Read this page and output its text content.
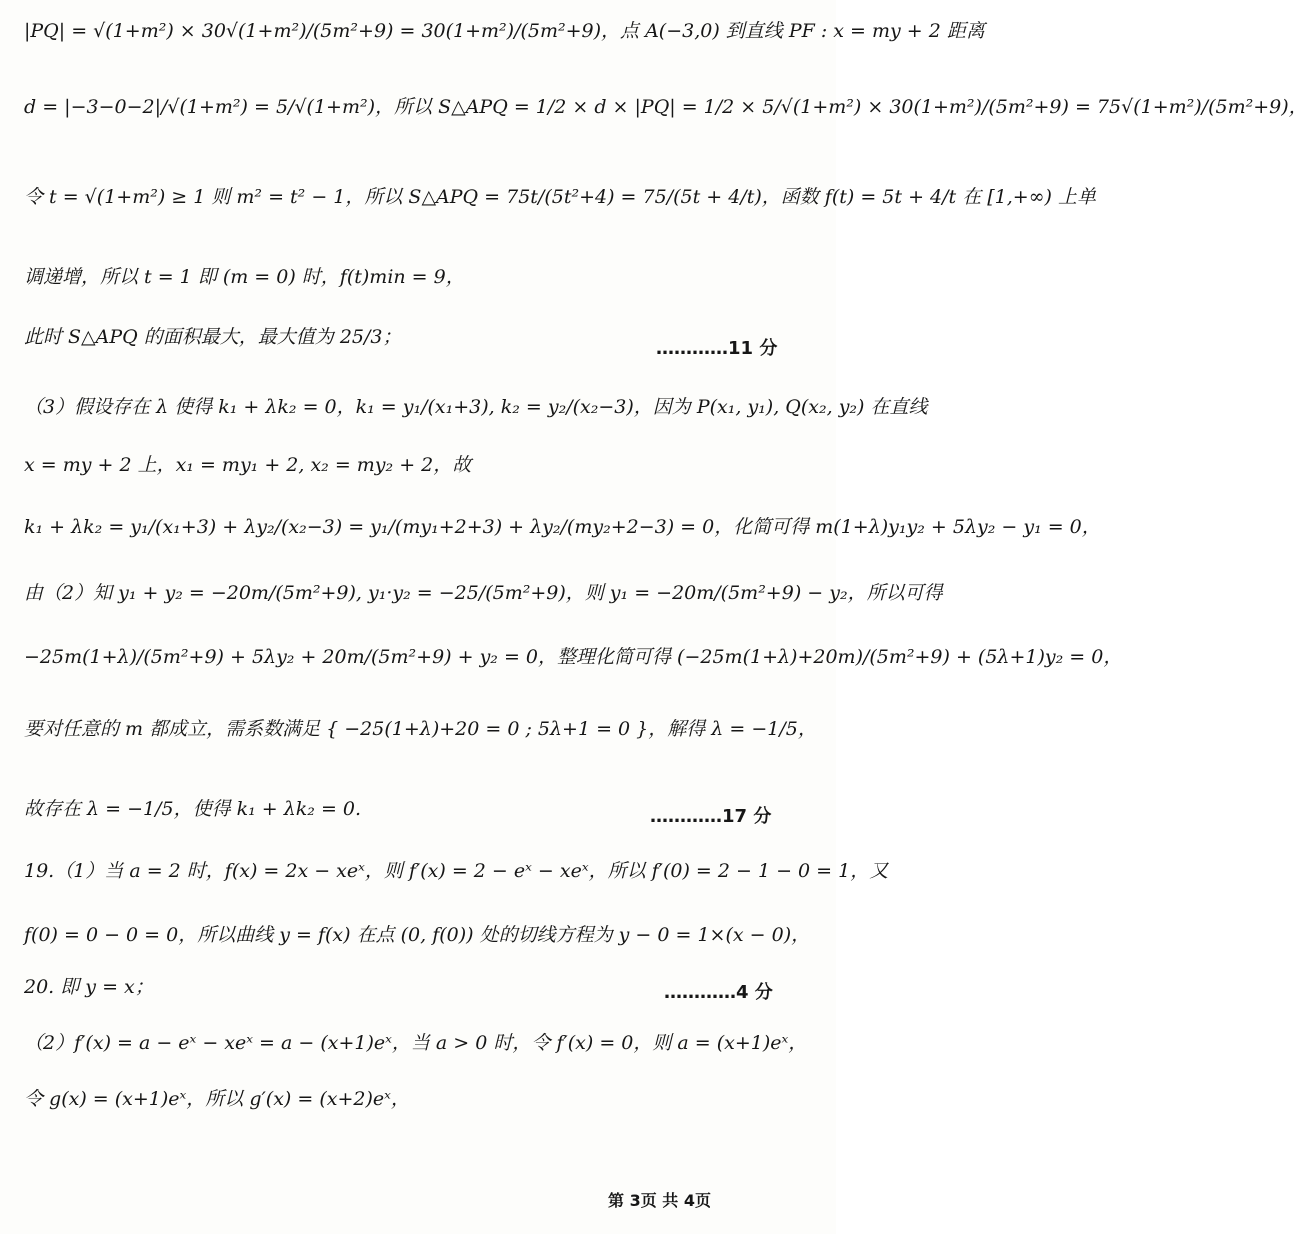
|PQ| = √(1+m²) × 30√(1+m²)/(5m²+9) = 30(1+m²)/(5m²+9)，点 A(−3,0) 到直线 PF : x = my + 2 距离
d = |−3−0−2|/√(1+m²) = 5/√(1+m²)，所以 S△APQ = 1/2 × d × |PQ| = 1/2 × 5/√(1+m²) × 30(1+m²)/(5m²+9) = 75√(1+m²)/(5m²+9)，
令 t = √(1+m²) ≥ 1 则 m² = t² − 1，所以 S△APQ = 75t/(5t²+4) = 75/(5t + 4/t)，函数 f(t) = 5t + 4/t 在 [1,+∞) 上单
调递增，所以 t = 1 即 (m = 0) 时，f(t)min = 9，
此时 S△APQ 的面积最大，最大值为 25/3；
…………11 分
（3）假设存在 λ 使得 k₁ + λk₂ = 0，k₁ = y₁/(x₁+3), k₂ = y₂/(x₂−3)，因为 P(x₁, y₁), Q(x₂, y₂) 在直线
x = my + 2 上，x₁ = my₁ + 2, x₂ = my₂ + 2，故
k₁ + λk₂ = y₁/(x₁+3) + λy₂/(x₂−3) = y₁/(my₁+2+3) + λy₂/(my₂+2−3) = 0，化简可得 m(1+λ)y₁y₂ + 5λy₂ − y₁ = 0，
由（2）知 y₁ + y₂ = −20m/(5m²+9), y₁·y₂ = −25/(5m²+9)，则 y₁ = −20m/(5m²+9) − y₂，所以可得
−25m(1+λ)/(5m²+9) + 5λy₂ + 20m/(5m²+9) + y₂ = 0，整理化简可得 (−25m(1+λ)+20m)/(5m²+9) + (5λ+1)y₂ = 0，
要对任意的 m 都成立，需系数满足 { −25(1+λ)+20 = 0 ; 5λ+1 = 0 }，解得 λ = −1/5，
故存在 λ = −1/5，使得 k₁ + λk₂ = 0.	…………17 分
19.（1）当 a = 2 时，f(x) = 2x − xeˣ，则 f′(x) = 2 − eˣ − xeˣ，所以 f′(0) = 2 − 1 − 0 = 1，又
f(0) = 0 − 0 = 0，所以曲线 y = f(x) 在点 (0, f(0)) 处的切线方程为 y − 0 = 1×(x − 0)，
20. 即 y = x；	…………4 分
（2）f′(x) = a − eˣ − xeˣ = a − (x+1)eˣ，当 a > 0 时，令 f′(x) = 0，则 a = (x+1)eˣ，
令 g(x) = (x+1)eˣ，所以 g′(x) = (x+2)eˣ，
第 3页 共 4页
